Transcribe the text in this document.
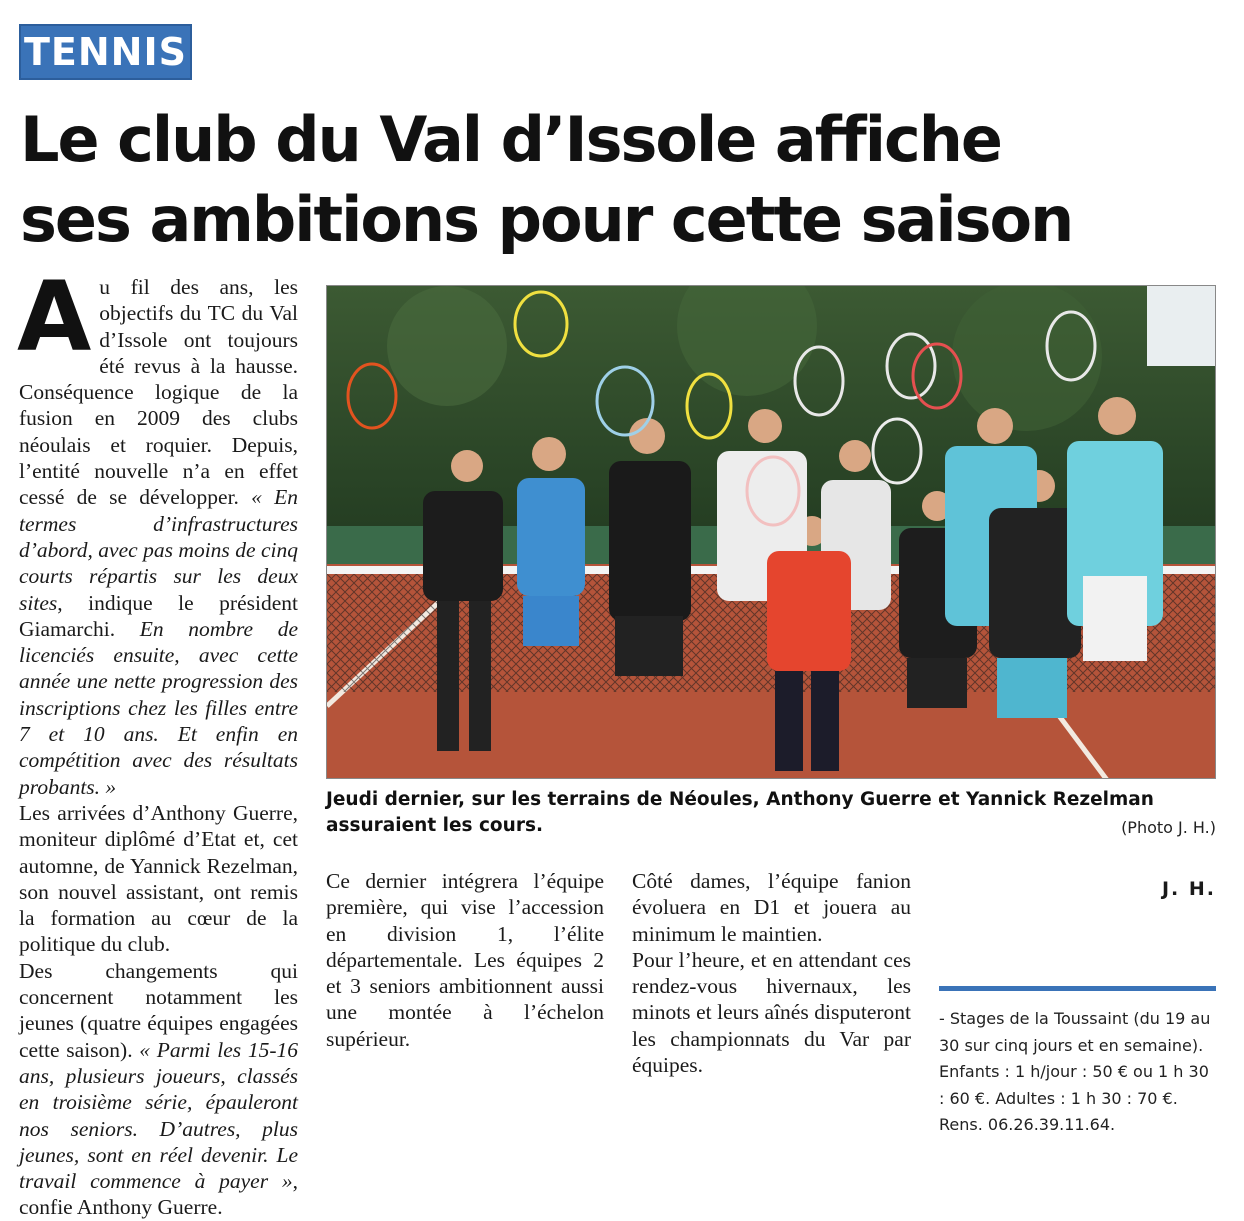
TENNIS
Le club du Val d’Issole affiche
ses ambitions pour cette saison

Au fil des ans, les objectifs du TC du Val d’Issole ont toujours été revus à la hausse. Conséquence logique de la fusion en 2009 des clubs néoulais et roquier. Depuis, l’entité nouvelle n’a en effet cessé de se développer. « En termes d’infrastructures d’abord, avec pas moins de cinq courts répartis sur les deux sites, indique le président Giamarchi. En nombre de licenciés ensuite, avec cette année une nette progression des inscriptions chez les filles entre 7 et 10 ans. Et enfin en compétition avec des résultats probants. »

Les arrivées d’Anthony Guerre, moniteur diplômé d’Etat et, cet automne, de Yannick Rezelman, son nouvel assistant, ont remis la formation au cœur de la politique du club.

Des changements qui concernent notamment les jeunes (quatre équipes engagées cette saison). « Parmi les 15-16 ans, plusieurs joueurs, classés en troisième série, épauleront nos seniors. D’autres, plus jeunes, sont en réel devenir. Le travail commence à payer », confie Anthony Guerre.

Jeudi dernier, sur les terrains de Néoules, Anthony Guerre et Yannick Rezelman assuraient les cours.	(Photo J. H.)

Ce dernier intégrera l’équipe première, qui vise l’accession en division 1, l’élite départementale. Les équipes 2 et 3 seniors ambitionnent aussi une montée à l’échelon supérieur.

Côté dames, l’équipe fanion évoluera en D1 et jouera au minimum le maintien.

Pour l’heure, et en attendant ces rendez-vous hivernaux, les minots et leurs aînés disputeront les championnats du Var par équipes.

J. H.

- Stages de la Toussaint (du 19 au 30 sur cinq jours et en semaine).

Enfants : 1 h/jour : 50 € ou 1 h 30 : 60 €. Adultes : 1 h 30 : 70 €. Rens. 06.26.39.11.64.
